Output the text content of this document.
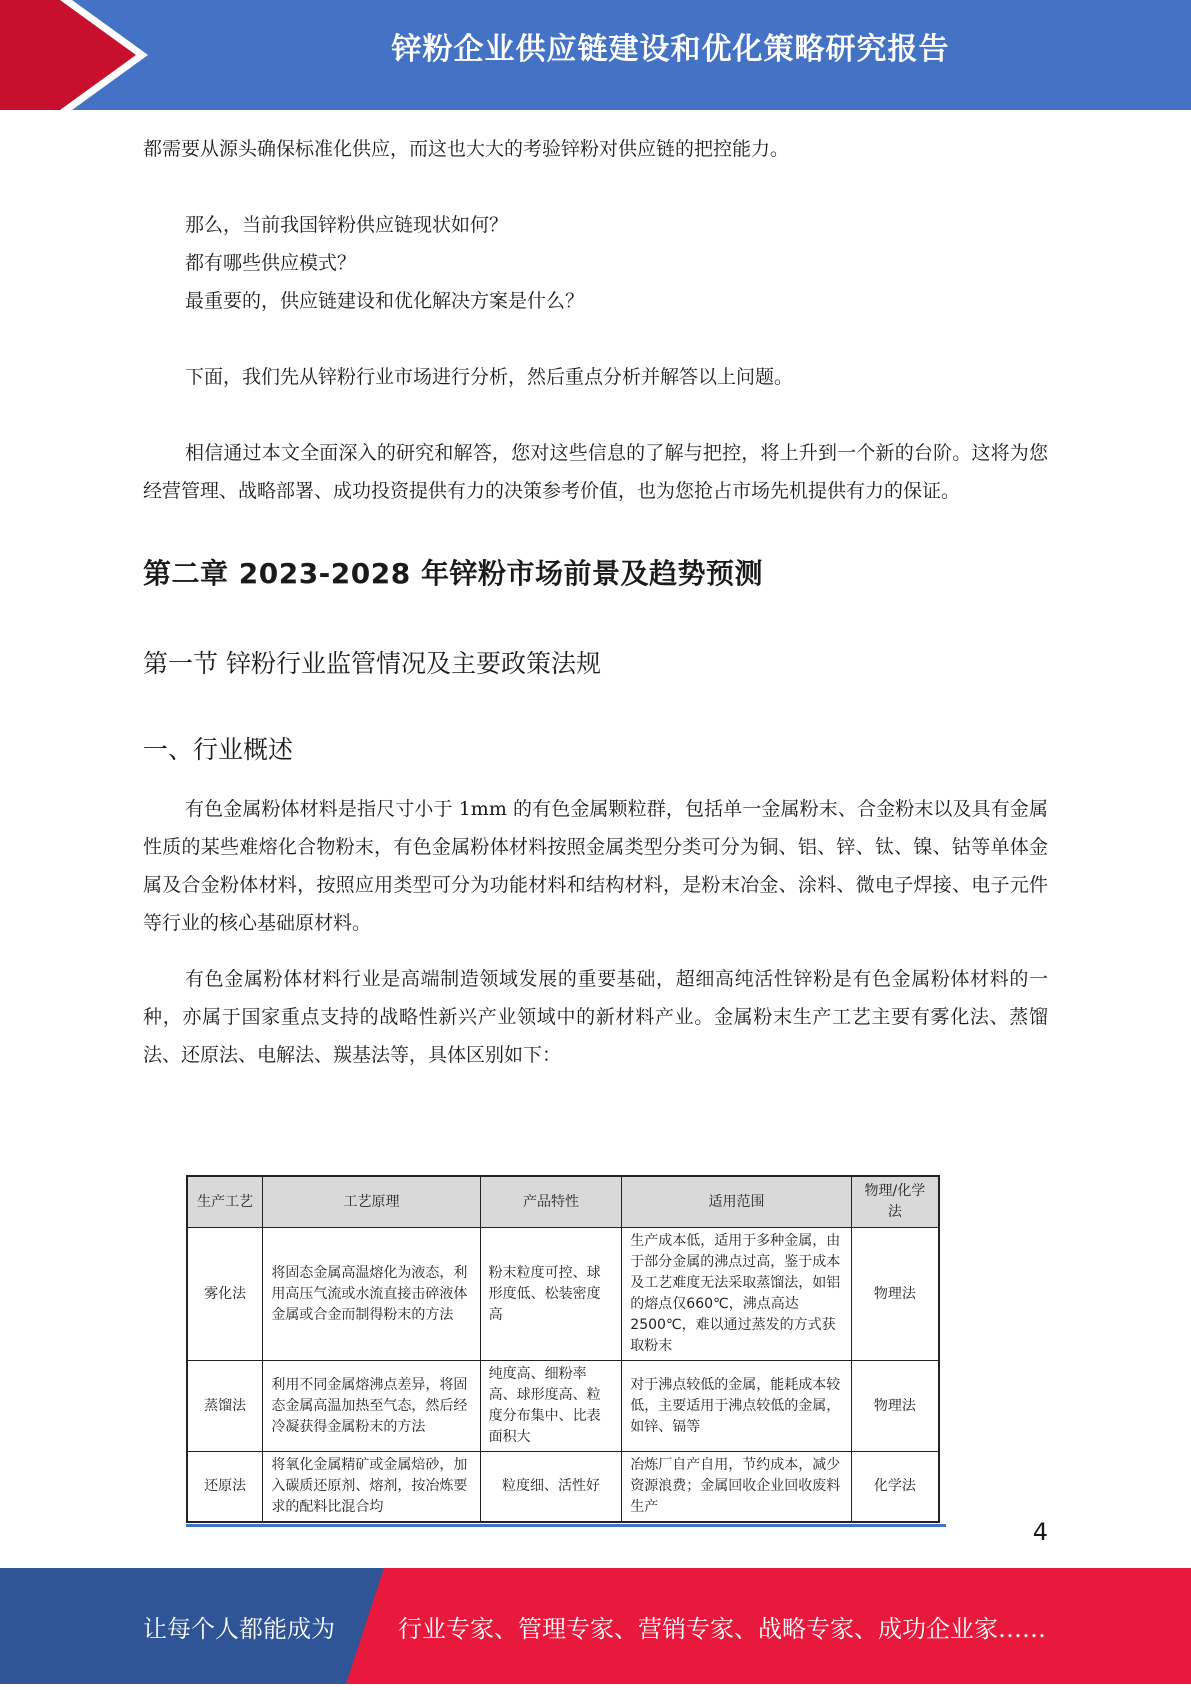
锌粉企业供应链建设和优化策略研究报告

都需要从源头确保标准化供应，而这也大大的考验锌粉对供应链的把控能力。

那么，当前我国锌粉供应链现状如何？

都有哪些供应模式？

最重要的，供应链建设和优化解决方案是什么？

下面，我们先从锌粉行业市场进行分析，然后重点分析并解答以上问题。

相信通过本文全面深入的研究和解答，您对这些信息的了解与把控，将上升到一个新的台阶。这将为您经营管理、战略部署、成功投资提供有力的决策参考价值，也为您抢占市场先机提供有力的保证。

第二章 2023-2028 年锌粉市场前景及趋势预测
第一节 锌粉行业监管情况及主要政策法规
一、行业概述

有色金属粉体材料是指尺寸小于 1mm 的有色金属颗粒群，包括单一金属粉末、合金粉末以及具有金属性质的某些难熔化合物粉末，有色金属粉体材料按照金属类型分类可分为铜、铝、锌、钛、镍、钴等单体金属及合金粉体材料，按照应用类型可分为功能材料和结构材料，是粉末冶金、涂料、微电子焊接、电子元件等行业的核心基础原材料。

有色金属粉体材料行业是高端制造领域发展的重要基础，超细高纯活性锌粉是有色金属粉体材料的一种，亦属于国家重点支持的战略性新兴产业领域中的新材料产业。金属粉末生产工艺主要有雾化法、蒸馏法、还原法、电解法、羰基法等，具体区别如下：

生产工艺	工艺原理	产品特性	适用范围	物理/化学法
雾化法	将固态金属高温熔化为液态，利用高压气流或水流直接击碎液体金属或合金而制得粉末的方法	粉末粒度可控、球形度低、松装密度高	生产成本低，适用于多种金属，由于部分金属的沸点过高，鉴于成本及工艺难度无法采取蒸馏法，如铝的熔点仅660℃，沸点高达 2500℃，难以通过蒸发的方式获取粉末	物理法
蒸馏法	利用不同金属熔沸点差异，将固态金属高温加热至气态，然后经冷凝获得金属粉末的方法	纯度高、细粉率高、球形度高、粒度分布集中、比表面积大	对于沸点较低的金属，能耗成本较低，主要适用于沸点较低的金属，如锌、镉等	物理法
还原法	将氧化金属精矿或金属焙砂，加入碳质还原剂、熔剂，按冶炼要求的配料比混合均	粒度细、活性好	冶炼厂自产自用，节约成本，减少资源浪费；金属回收企业回收废料生产	化学法
4
让每个人都能成为	行业专家、管理专家、营销专家、战略专家、成功企业家……
